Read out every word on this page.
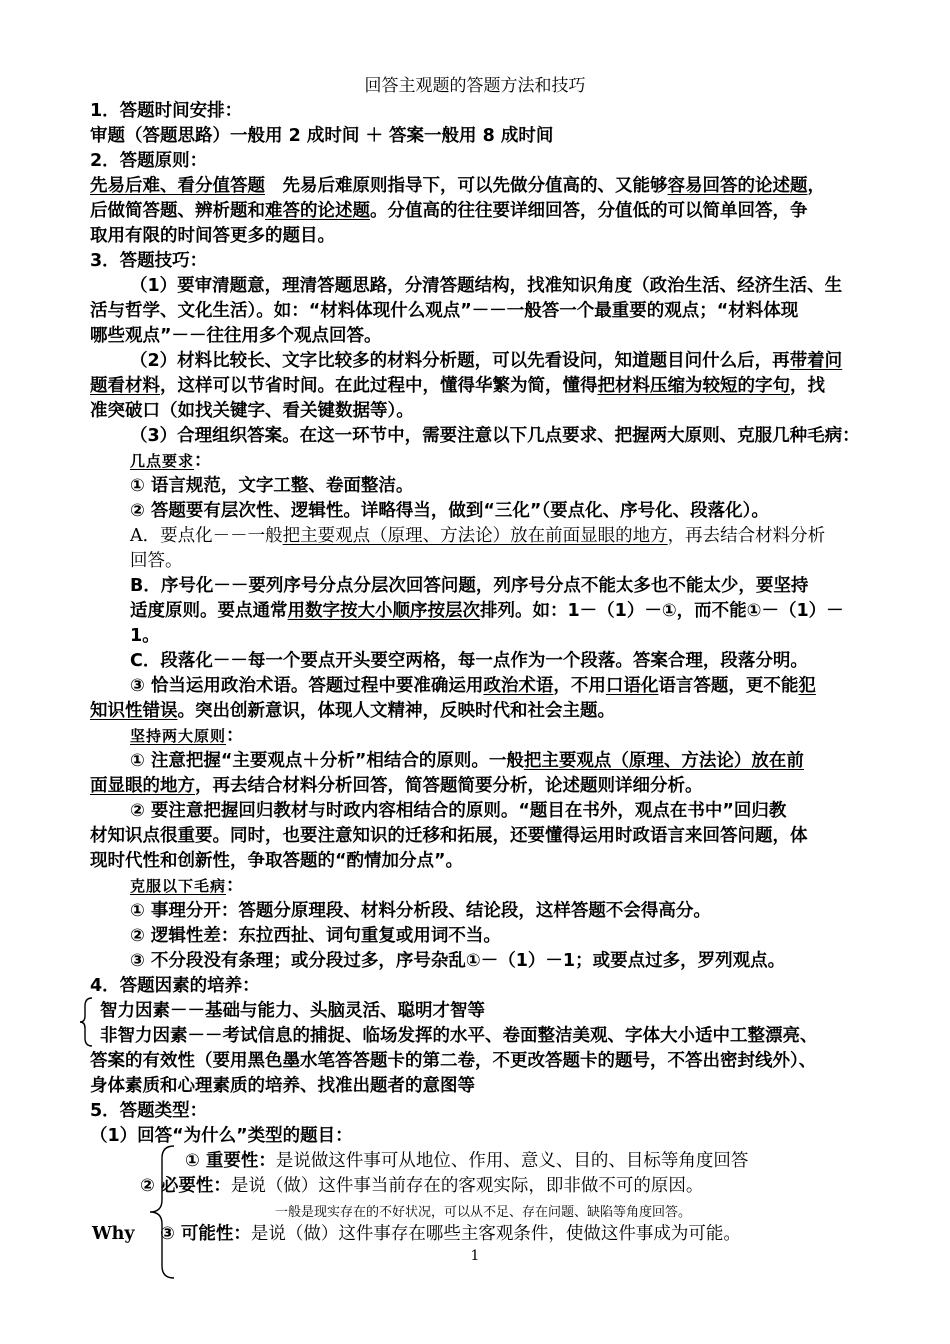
回答主观题的答题方法和技巧
1．答题时间安排：
审题（答题思路）一般用 2 成时间 ＋ 答案一般用 8 成时间
2．答题原则：
先易后难、看分值答题　先易后难原则指导下，可以先做分值高的、又能够容易回答的论述题，
后做简答题、辨析题和难答的论述题。分值高的往往要详细回答，分值低的可以简单回答，争
取用有限的时间答更多的题目。
3．答题技巧：
（1）要审清题意，理清答题思路，分清答题结构，找准知识角度（政治生活、经济生活、生
活与哲学、文化生活）。如：“材料体现什么观点”－－一般答一个最重要的观点；“材料体现
哪些观点”－－往往用多个观点回答。
（2）材料比较长、文字比较多的材料分析题，可以先看设问，知道题目问什么后，再带着问
题看材料，这样可以节省时间。在此过程中，懂得华繁为简，懂得把材料压缩为较短的字句，找
准突破口（如找关键字、看关键数据等）。
（3）合理组织答案。在这一环节中，需要注意以下几点要求、把握两大原则、克服几种毛病：
几点要求：
① 语言规范，文字工整、卷面整洁。
② 答题要有层次性、逻辑性。详略得当，做到“三化”（要点化、序号化、段落化）。
A．要点化－－一般把主要观点（原理、方法论）放在前面显眼的地方，再去结合材料分析
回答。
B．序号化－－要列序号分点分层次回答问题，列序号分点不能太多也不能太少，要坚持
适度原则。要点通常用数字按大小顺序按层次排列。如：1－（1）－①，而不能①－（1）－
1。
C．段落化－－每一个要点开头要空两格，每一点作为一个段落。答案合理，段落分明。
③ 恰当运用政治术语。答题过程中要准确运用政治术语，不用口语化语言答题，更不能犯
知识性错误。突出创新意识，体现人文精神，反映时代和社会主题。
坚持两大原则：
① 注意把握“主要观点＋分析”相结合的原则。一般把主要观点（原理、方法论）放在前
面显眼的地方，再去结合材料分析回答，简答题简要分析，论述题则详细分析。
② 要注意把握回归教材与时政内容相结合的原则。“题目在书外，观点在书中”回归教
材知识点很重要。同时，也要注意知识的迁移和拓展，还要懂得运用时政语言来回答问题，体
现时代性和创新性，争取答题的“酌情加分点”。
克服以下毛病：
① 事理分开：答题分原理段、材料分析段、结论段，这样答题不会得高分。
② 逻辑性差：东拉西扯、词句重复或用词不当。
③ 不分段没有条理；或分段过多，序号杂乱①－（1）－1；或要点过多，罗列观点。
4．答题因素的培养：
智力因素－－基础与能力、头脑灵活、聪明才智等
非智力因素－－考试信息的捕捉、临场发挥的水平、卷面整洁美观、字体大小适中工整漂亮、
答案的有效性（要用黑色墨水笔答答题卡的第二卷，不更改答题卡的题号，不答出密封线外）、
身体素质和心理素质的培养、找准出题者的意图等
5．答题类型：
（1）回答“为什么”类型的题目：
① 重要性：是说做这件事可从地位、作用、意义、目的、目标等角度回答
② 必要性：是说（做）这件事当前存在的客观实际，即非做不可的原因。
一般是现实存在的不好状况，可以从不足、存在问题、缺陷等角度回答。
Why	③ 可能性：是说（做）这件事存在哪些主客观条件，使做这件事成为可能。
1
